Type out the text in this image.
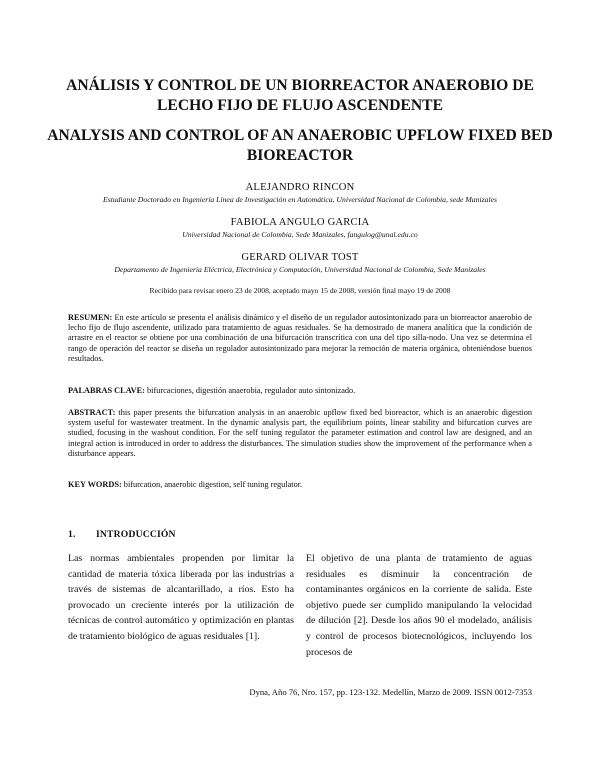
ANÁLISIS Y CONTROL DE UN BIORREACTOR ANAEROBIO DE LECHO FIJO DE FLUJO ASCENDENTE
ANALYSIS AND CONTROL OF AN ANAEROBIC UPFLOW FIXED BED BIOREACTOR
ALEJANDRO RINCON
Estudiante Doctorado en Ingeniería Línea de Investigación en Automática, Universidad Nacional de Colombia, sede Manizales
FABIOLA ANGULO GARCIA
Universidad Nacional de Colombia, Sede Manizales, fangulog@unal.edu.co
GERARD OLIVAR TOST
Departamento de Ingeniería Eléctrica, Electrónica y Computación, Universidad Nacional de Colombia, Sede Manizales
Recibido para revisar enero 23 de 2008, aceptado mayo 15 de 2008, versión final mayo 19 de 2008

RESUMEN: En este artículo se presenta el análisis dinámico y el diseño de un regulador autosintonizado para un biorreactor anaerobio de lecho fijo de flujo ascendente, utilizado para tratamiento de aguas residuales. Se ha demostrado de manera analítica que la condición de arrastre en el reactor se obtiene por una combinación de una bifurcación transcrítica con una del tipo silla-nodo. Una vez se determina el rango de operación del reactor se diseña un regulador autosintonizado para mejorar la remoción de materia orgánica, obteniéndose buenos resultados.

PALABRAS CLAVE: bifurcaciones, digestión anaerobia, regulador auto sintonizado.

ABSTRACT: this paper presents the bifurcation analysis in an anaerobic upflow fixed bed bioreactor, which is an anaerobic digestion system useful for wastewater treatment. In the dynamic analysis part, the equilibrium points, linear stability and bifurcation curves are studied, focusing in the washout condition. For the self tuning regulator the parameter estimation and control law are designed, and an integral action is introduced in order to address the disturbances. The simulation studies show the improvement of the performance when a disturbance appears.

KEY WORDS: bifurcation, anaerobic digestion, self tuning regulator.

1. INTRODUCCIÓN

Las normas ambientales propenden por limitar la cantidad de materia tóxica liberada por las industrias a través de sistemas de alcantarillado, a ríos. Esto ha provocado un creciente interés por la utilización de técnicas de control automático y optimización en plantas de tratamiento biológico de aguas residuales [1].

El objetivo de una planta de tratamiento de aguas residuales es disminuir la concentración de contaminantes orgánicos en la corriente de salida. Este objetivo puede ser cumplido manipulando la velocidad de dilución [2]. Desde los años 90 el modelado, análisis y control de procesos biotecnológicos, incluyendo los procesos de

Dyna, Año 76, Nro. 157, pp. 123-132. Medellín, Marzo de 2009. ISSN 0012-7353
